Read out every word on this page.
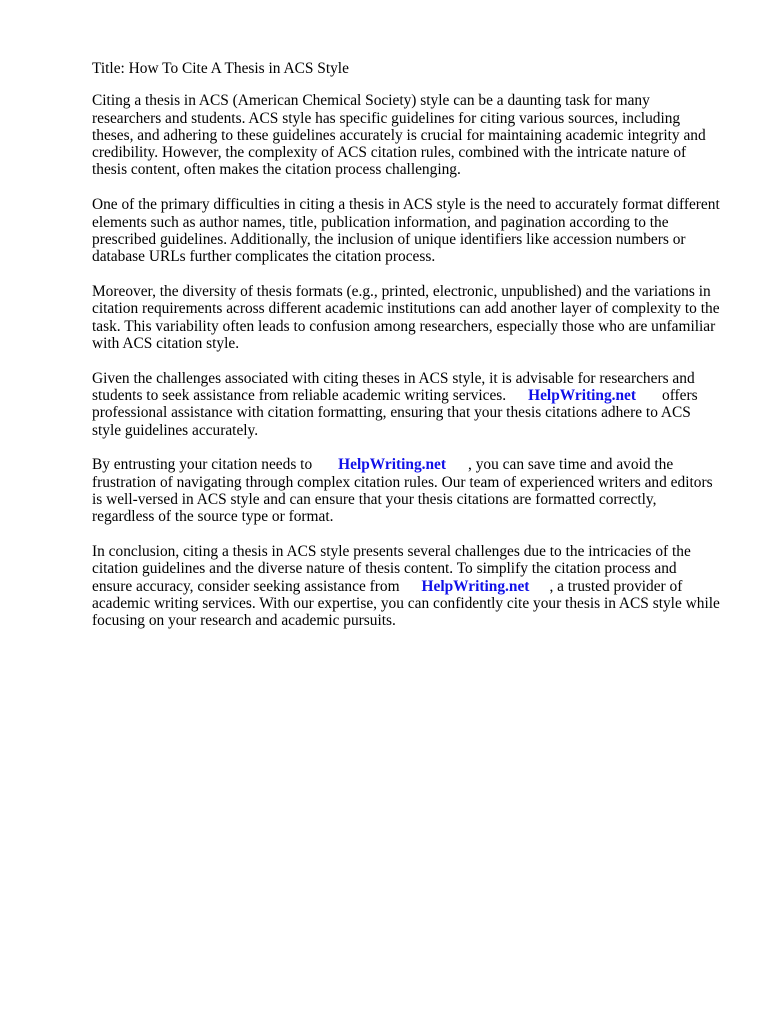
Title: How To Cite A Thesis in ACS Style

Citing a thesis in ACS (American Chemical Society) style can be a daunting task for many researchers and students. ACS style has specific guidelines for citing various sources, including theses, and adhering to these guidelines accurately is crucial for maintaining academic integrity and credibility. However, the complexity of ACS citation rules, combined with the intricate nature of thesis content, often makes the citation process challenging.

One of the primary difficulties in citing a thesis in ACS style is the need to accurately format different elements such as author names, title, publication information, and pagination according to the prescribed guidelines. Additionally, the inclusion of unique identifiers like accession numbers or database URLs further complicates the citation process.

Moreover, the diversity of thesis formats (e.g., printed, electronic, unpublished) and the variations in citation requirements across different academic institutions can add another layer of complexity to the task. This variability often leads to confusion among researchers, especially those who are unfamiliar with ACS citation style.

Given the challenges associated with citing theses in ACS style, it is advisable for researchers and students to seek assistance from reliable academic writing services. HelpWriting.net offers professional assistance with citation formatting, ensuring that your thesis citations adhere to ACS style guidelines accurately.

By entrusting your citation needs to HelpWriting.net , you can save time and avoid the frustration of navigating through complex citation rules. Our team of experienced writers and editors is well-versed in ACS style and can ensure that your thesis citations are formatted correctly, regardless of the source type or format.

In conclusion, citing a thesis in ACS style presents several challenges due to the intricacies of the citation guidelines and the diverse nature of thesis content. To simplify the citation process and ensure accuracy, consider seeking assistance from HelpWriting.net , a trusted provider of academic writing services. With our expertise, you can confidently cite your thesis in ACS style while focusing on your research and academic pursuits.
